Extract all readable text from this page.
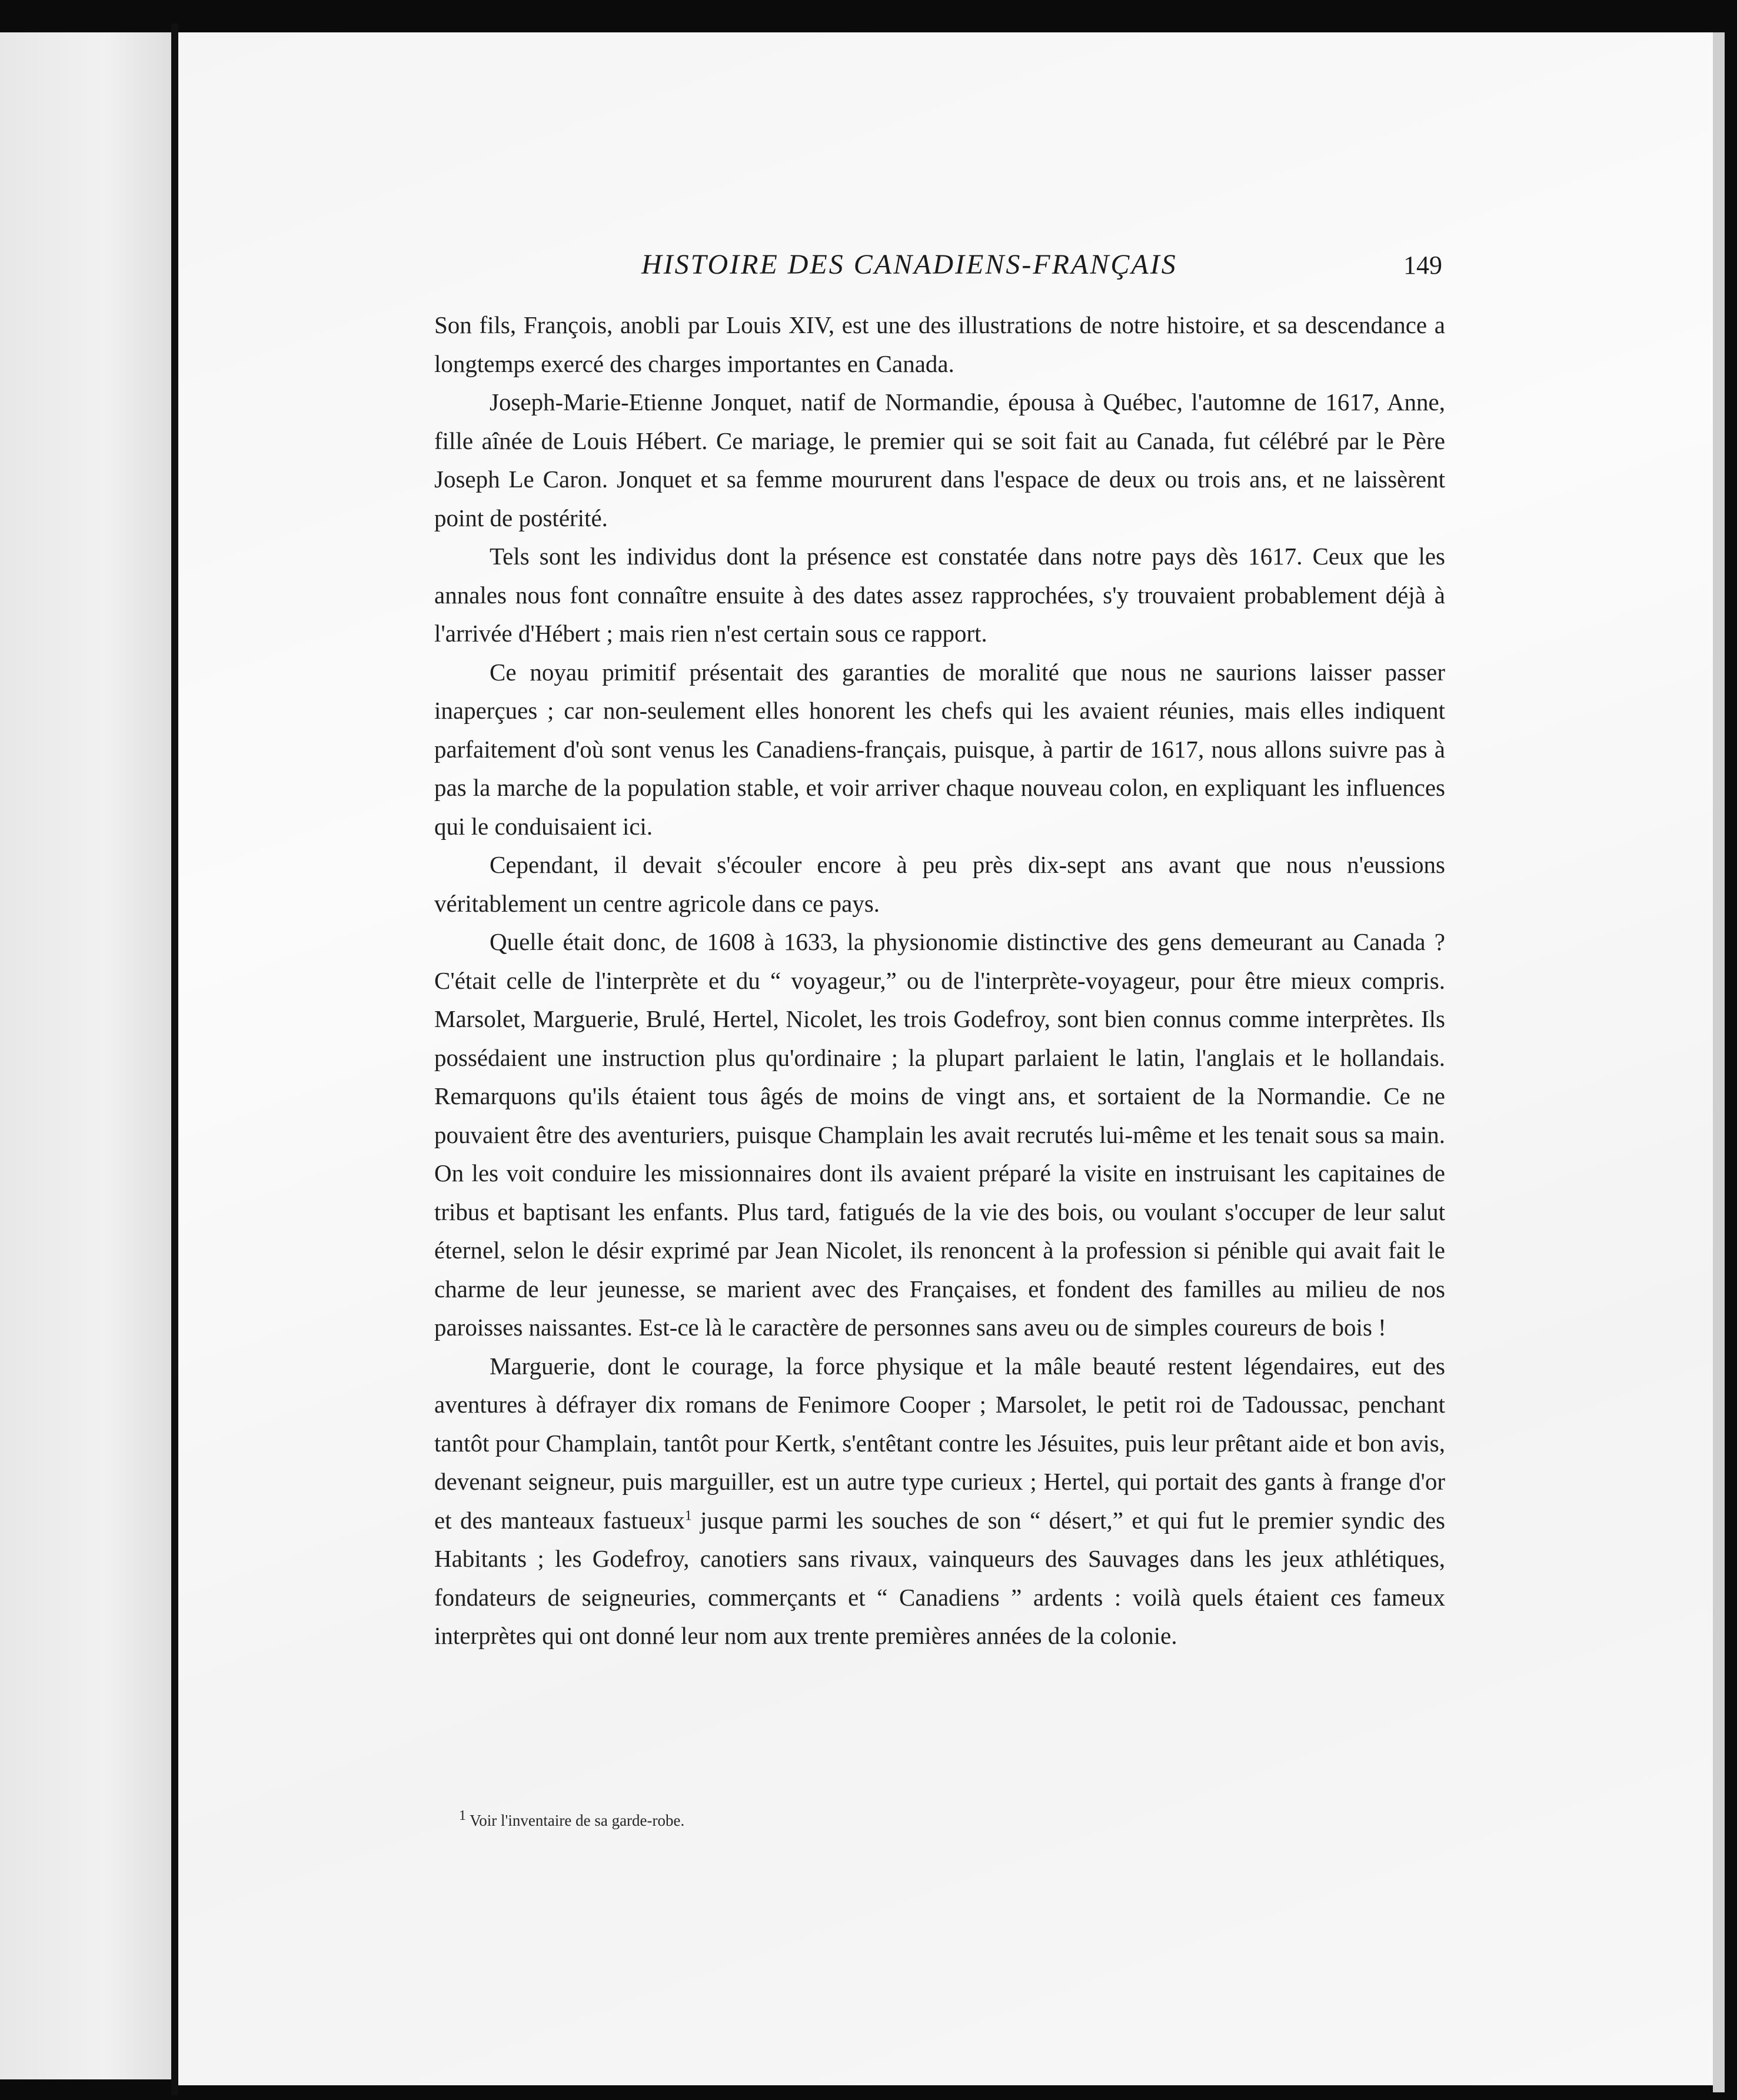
HISTOIRE DES CANADIENS-FRANÇAIS	149

Son fils, François, anobli par Louis XIV, est une des illustrations de notre histoire, et sa descendance a longtemps exercé des charges importantes en Canada.

Joseph-Marie-Etienne Jonquet, natif de Normandie, épousa à Québec, l'automne de 1617, Anne, fille aînée de Louis Hébert. Ce mariage, le premier qui se soit fait au Canada, fut célébré par le Père Joseph Le Caron. Jonquet et sa femme moururent dans l'espace de deux ou trois ans, et ne laissèrent point de postérité.

Tels sont les individus dont la présence est constatée dans notre pays dès 1617. Ceux que les annales nous font connaître ensuite à des dates assez rapprochées, s'y trouvaient probablement déjà à l'arrivée d'Hébert ; mais rien n'est certain sous ce rapport.

Ce noyau primitif présentait des garanties de moralité que nous ne saurions laisser passer inaperçues ; car non-seulement elles honorent les chefs qui les avaient réunies, mais elles indiquent parfaitement d'où sont venus les Canadiens-français, puisque, à partir de 1617, nous allons suivre pas à pas la marche de la population stable, et voir arriver chaque nouveau colon, en expliquant les influences qui le conduisaient ici.

Cependant, il devait s'écouler encore à peu près dix-sept ans avant que nous n'eussions véritablement un centre agricole dans ce pays.

Quelle était donc, de 1608 à 1633, la physionomie distinctive des gens demeurant au Canada ? C'était celle de l'interprète et du “ voyageur,” ou de l'interprète-voyageur, pour être mieux compris. Marsolet, Marguerie, Brulé, Hertel, Nicolet, les trois Godefroy, sont bien connus comme interprètes. Ils possédaient une instruction plus qu'ordinaire ; la plupart parlaient le latin, l'anglais et le hollandais. Remarquons qu'ils étaient tous âgés de moins de vingt ans, et sortaient de la Normandie. Ce ne pouvaient être des aventuriers, puisque Champlain les avait recrutés lui-même et les tenait sous sa main. On les voit conduire les missionnaires dont ils avaient préparé la visite en instruisant les capitaines de tribus et baptisant les enfants. Plus tard, fatigués de la vie des bois, ou voulant s'occuper de leur salut éternel, selon le désir exprimé par Jean Nicolet, ils renoncent à la profession si pénible qui avait fait le charme de leur jeunesse, se marient avec des Françaises, et fondent des familles au milieu de nos paroisses naissantes. Est-ce là le caractère de personnes sans aveu ou de simples coureurs de bois !

Marguerie, dont le courage, la force physique et la mâle beauté restent légendaires, eut des aventures à défrayer dix romans de Fenimore Cooper ; Marsolet, le petit roi de Tadoussac, penchant tantôt pour Champlain, tantôt pour Kertk, s'entêtant contre les Jésuites, puis leur prêtant aide et bon avis, devenant seigneur, puis marguiller, est un autre type curieux ; Hertel, qui portait des gants à frange d'or et des manteaux fastueux$^1$ jusque parmi les souches de son “ désert,” et qui fut le premier syndic des Habitants ; les Godefroy, canotiers sans rivaux, vainqueurs des Sauvages dans les jeux athlétiques, fondateurs de seigneuries, commerçants et “ Canadiens ” ardents : voilà quels étaient ces fameux interprètes qui ont donné leur nom aux trente premières années de la colonie.

$^1$ Voir l'inventaire de sa garde-robe.
